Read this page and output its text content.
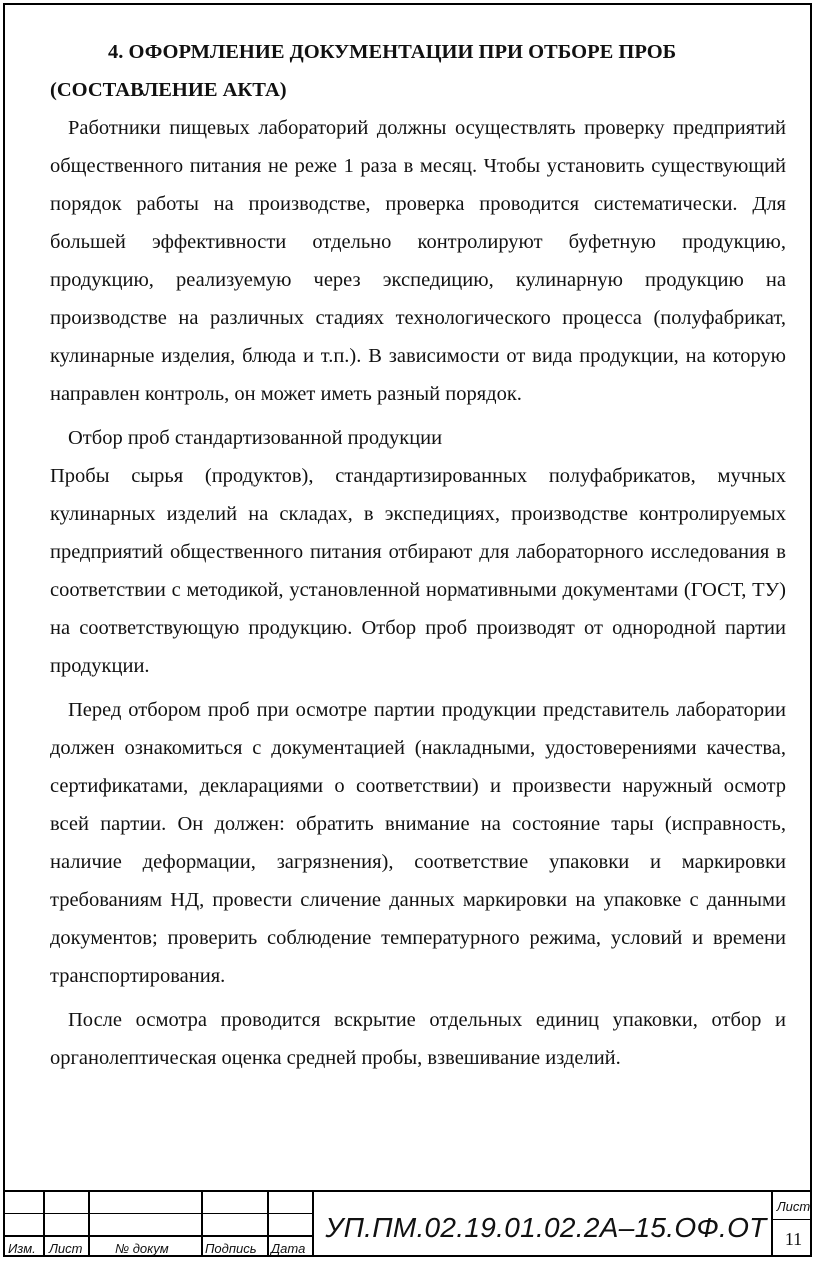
4. ОФОРМЛЕНИЕ ДОКУМЕНТАЦИИ ПРИ ОТБОРЕ ПРОБ

(СОСТАВЛЕНИЕ АКТА)

Работники пищевых лабораторий должны осуществлять проверку предприятий общественного питания не реже 1 раза в месяц. Чтобы установить существующий порядок работы на производстве, проверка проводится систематически. Для большей эффективности отдельно контролируют буфетную продукцию, продукцию, реализуемую через экспедицию, кулинарную продукцию на производстве на различных стадиях технологического процесса (полуфабрикат, кулинарные изделия, блюда и т.п.). В зависимости от вида продукции, на которую направлен контроль, он может иметь разный порядок.

Отбор проб стандартизованной продукции

Пробы сырья (продуктов), стандартизированных полуфабрикатов, мучных кулинарных изделий на складах, в экспедициях, производстве контролируемых предприятий общественного питания отбирают для лабораторного исследования в соответствии с методикой, установленной нормативными документами (ГОСТ, ТУ) на соответствующую продукцию. Отбор проб производят от однородной партии продукции.

Перед отбором проб при осмотре партии продукции представитель лаборатории должен ознакомиться с документацией (накладными, удостоверениями качества, сертификатами, декларациями о соответствии) и произвести наружный осмотр всей партии. Он должен: обратить внимание на состояние тары (исправность, наличие деформации, загрязнения), соответствие упаковки и маркировки требованиям НД, провести сличение данных маркировки на упаковке с данными документов; проверить соблюдение температурного режима, условий и времени транспортирования.

После осмотра проводится вскрытие отдельных единиц упаковки, отбор и органолептическая оценка средней пробы, взвешивание изделий.

Изм. Лист	№ докум	Подпись Дата
УП.ПМ.02.19.01.02.2А–15.ОФ.ОТ
Лист
11
